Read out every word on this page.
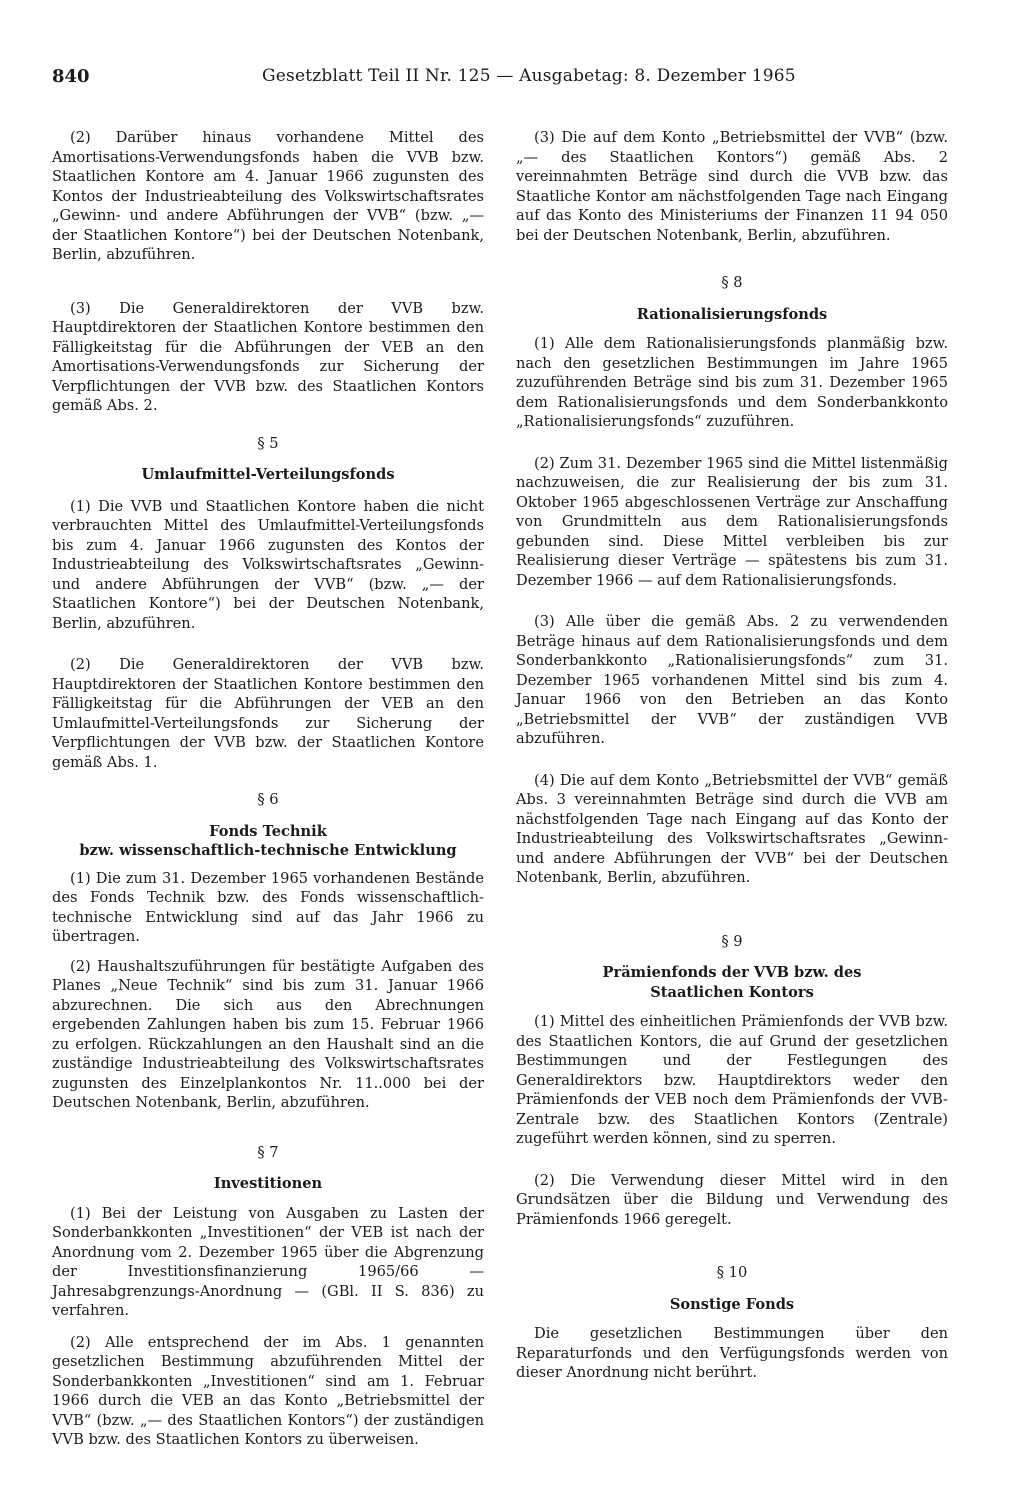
840	Gesetzblatt Teil II Nr. 125 — Ausgabetag: 8. Dezember 1965

(2) Darüber hinaus vorhandene Mittel des Amortisations-Verwendungsfonds haben die VVB bzw. Staatlichen Kontore am 4. Januar 1966 zugunsten des Kontos der Industrieabteilung des Volkswirtschaftsrates „Gewinn- und andere Abführungen der VVB“ (bzw. „— der Staatlichen Kontore“) bei der Deutschen Notenbank, Berlin, abzuführen.

(3) Die Generaldirektoren der VVB bzw. Hauptdirektoren der Staatlichen Kontore bestimmen den Fälligkeitstag für die Abführungen der VEB an den Amortisations-Verwendungsfonds zur Sicherung der Verpflichtungen der VVB bzw. des Staatlichen Kontors gemäß Abs. 2.

§ 5

Umlaufmittel-Verteilungsfonds

(1) Die VVB und Staatlichen Kontore haben die nicht verbrauchten Mittel des Umlaufmittel-Verteilungsfonds bis zum 4. Januar 1966 zugunsten des Kontos der Industrieabteilung des Volkswirtschaftsrates „Gewinn- und andere Abführungen der VVB“ (bzw. „— der Staatlichen Kontore“) bei der Deutschen Notenbank, Berlin, abzuführen.

(2) Die Generaldirektoren der VVB bzw. Hauptdirektoren der Staatlichen Kontore bestimmen den Fälligkeitstag für die Abführungen der VEB an den Umlaufmittel-Verteilungsfonds zur Sicherung der Verpflichtungen der VVB bzw. der Staatlichen Kontore gemäß Abs. 1.

§ 6

Fonds Technik

bzw. wissenschaftlich-technische Entwicklung

(1) Die zum 31. Dezember 1965 vorhandenen Bestände des Fonds Technik bzw. des Fonds wissenschaftlich-technische Entwicklung sind auf das Jahr 1966 zu übertragen.

(2) Haushaltszuführungen für bestätigte Aufgaben des Planes „Neue Technik“ sind bis zum 31. Januar 1966 abzurechnen. Die sich aus den Abrechnungen ergebenden Zahlungen haben bis zum 15. Februar 1966 zu erfolgen. Rückzahlungen an den Haushalt sind an die zuständige Industrieabteilung des Volkswirtschaftsrates zugunsten des Einzelplankontos Nr. 11..000 bei der Deutschen Notenbank, Berlin, abzuführen.

§ 7

Investitionen

(1) Bei der Leistung von Ausgaben zu Lasten der Sonderbankkonten „Investitionen“ der VEB ist nach der Anordnung vom 2. Dezember 1965 über die Abgrenzung der Investitionsfinanzierung 1965/66 — Jahresabgrenzungs-Anordnung — (GBl. II S. 836) zu verfahren.

(2) Alle entsprechend der im Abs. 1 genannten gesetzlichen Bestimmung abzuführenden Mittel der Sonderbankkonten „Investitionen“ sind am 1. Februar 1966 durch die VEB an das Konto „Betriebsmittel der VVB“ (bzw. „— des Staatlichen Kontors“) der zuständigen VVB bzw. des Staatlichen Kontors zu überweisen.

(3) Die auf dem Konto „Betriebsmittel der VVB“ (bzw. „— des Staatlichen Kontors“) gemäß Abs. 2 vereinnahmten Beträge sind durch die VVB bzw. das Staatliche Kontor am nächstfolgenden Tage nach Eingang auf das Konto des Ministeriums der Finanzen 11 94 050 bei der Deutschen Notenbank, Berlin, abzuführen.

§ 8

Rationalisierungsfonds

(1) Alle dem Rationalisierungsfonds planmäßig bzw. nach den gesetzlichen Bestimmungen im Jahre 1965 zuzuführenden Beträge sind bis zum 31. Dezember 1965 dem Rationalisierungsfonds und dem Sonderbankkonto „Rationalisierungsfonds“ zuzuführen.

(2) Zum 31. Dezember 1965 sind die Mittel listenmäßig nachzuweisen, die zur Realisierung der bis zum 31. Oktober 1965 abgeschlossenen Verträge zur Anschaffung von Grundmitteln aus dem Rationalisierungsfonds gebunden sind. Diese Mittel verbleiben bis zur Realisierung dieser Verträge — spätestens bis zum 31. Dezember 1966 — auf dem Rationalisierungsfonds.

(3) Alle über die gemäß Abs. 2 zu verwendenden Beträge hinaus auf dem Rationalisierungsfonds und dem Sonderbankkonto „Rationalisierungsfonds“ zum 31. Dezember 1965 vorhandenen Mittel sind bis zum 4. Januar 1966 von den Betrieben an das Konto „Betriebsmittel der VVB“ der zuständigen VVB abzuführen.

(4) Die auf dem Konto „Betriebsmittel der VVB“ gemäß Abs. 3 vereinnahmten Beträge sind durch die VVB am nächstfolgenden Tage nach Eingang auf das Konto der Industrieabteilung des Volkswirtschaftsrates „Gewinn- und andere Abführungen der VVB“ bei der Deutschen Notenbank, Berlin, abzuführen.

§ 9

Prämienfonds der VVB bzw. des

Staatlichen Kontors

(1) Mittel des einheitlichen Prämienfonds der VVB bzw. des Staatlichen Kontors, die auf Grund der gesetzlichen Bestimmungen und der Festlegungen des Generaldirektors bzw. Hauptdirektors weder den Prämienfonds der VEB noch dem Prämienfonds der VVB-Zentrale bzw. des Staatlichen Kontors (Zentrale) zugeführt werden können, sind zu sperren.

(2) Die Verwendung dieser Mittel wird in den Grundsätzen über die Bildung und Verwendung des Prämienfonds 1966 geregelt.

§ 10

Sonstige Fonds

Die gesetzlichen Bestimmungen über den Reparaturfonds und den Verfügungsfonds werden von dieser Anordnung nicht berührt.
